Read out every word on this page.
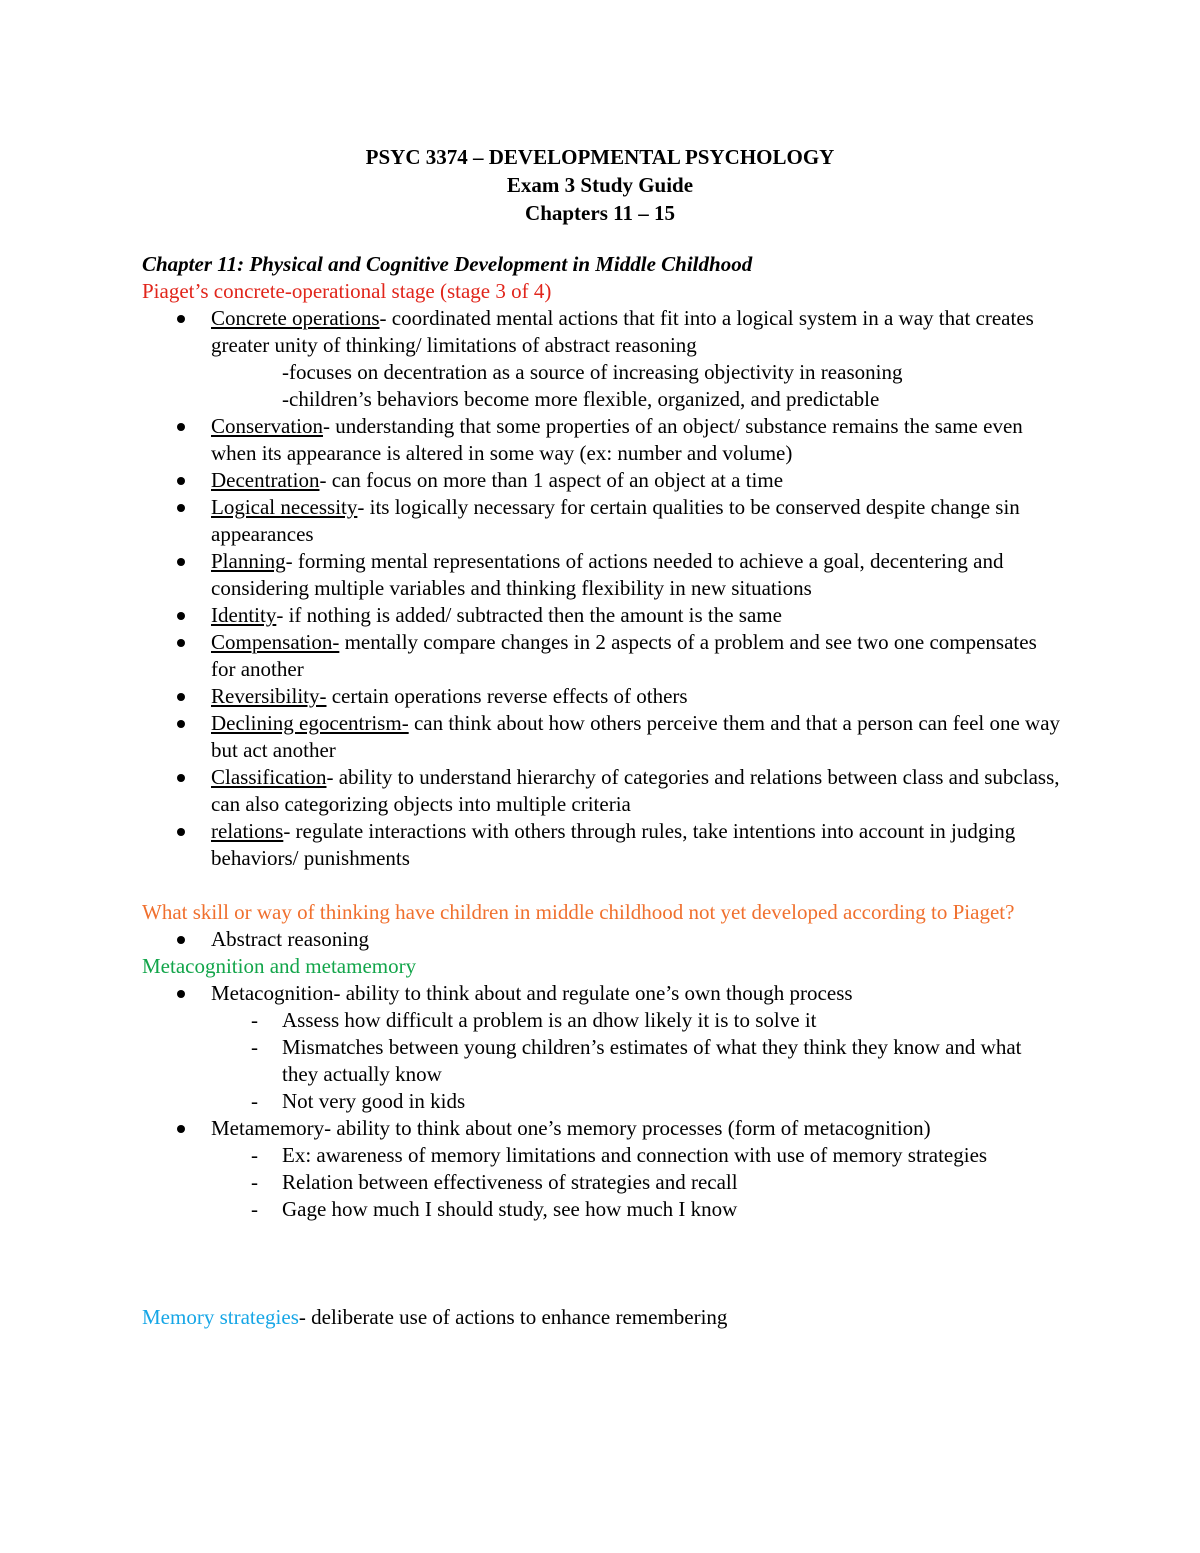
PSYC 3374 – DEVELOPMENTAL PSYCHOLOGY
Exam 3 Study Guide
Chapters 11 – 15
Chapter 11: Physical and Cognitive Development in Middle Childhood
Piaget’s concrete-operational stage (stage 3 of 4)
Concrete operations- coordinated mental actions that fit into a logical system in a way that creates greater unity of thinking/ limitations of abstract reasoning
-focuses on decentration as a source of increasing objectivity in reasoning
-children’s behaviors become more flexible, organized, and predictable
Conservation- understanding that some properties of an object/ substance remains the same even when its appearance is altered in some way (ex: number and volume)
Decentration- can focus on more than 1 aspect of an object at a time
Logical necessity- its logically necessary for certain qualities to be conserved despite change sin appearances
Planning- forming mental representations of actions needed to achieve a goal, decentering and considering multiple variables and thinking flexibility in new situations
Identity- if nothing is added/ subtracted then the amount is the same
Compensation- mentally compare changes in 2 aspects of a problem and see two one compensates for another
Reversibility- certain operations reverse effects of others
Declining egocentrism- can think about how others perceive them and that a person can feel one way but act another
Classification- ability to understand hierarchy of categories and relations between class and subclass, can also categorizing objects into multiple criteria
relations- regulate interactions with others through rules, take intentions into account in judging behaviors/ punishments
What skill or way of thinking have children in middle childhood not yet developed according to Piaget?
Abstract reasoning
Metacognition and metamemory
Metacognition- ability to think about and regulate one’s own though process
- Assess how difficult a problem is an dhow likely it is to solve it
- Mismatches between young children’s estimates of what they think they know and what they actually know
- Not very good in kids
Metamemory- ability to think about one’s memory processes (form of metacognition)
- Ex: awareness of memory limitations and connection with use of memory strategies
- Relation between effectiveness of strategies and recall
- Gage how much I should study, see how much I know
Memory strategies- deliberate use of actions to enhance remembering
